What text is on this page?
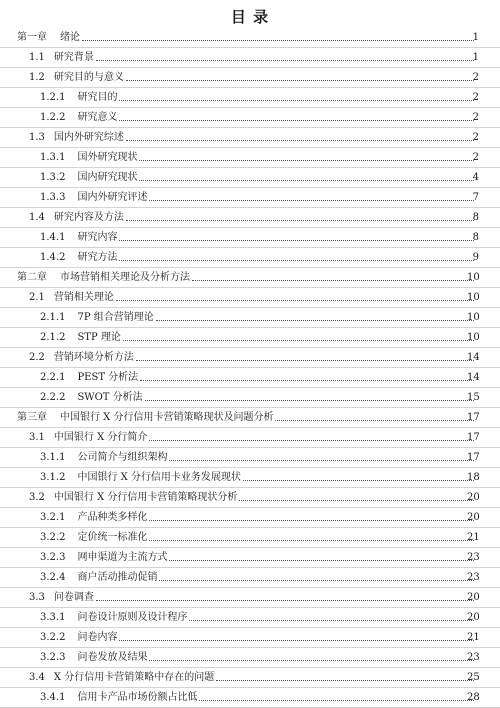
目 录
第一章 绪论	1
1.1 研究背景	1
1.2 研究目的与意义	2
1.2.1 研究目的	2
1.2.2 研究意义	2
1.3 国内外研究综述	2
1.3.1 国外研究现状	2
1.3.2 国内研究现状	4
1.3.3 国内外研究评述	7
1.4 研究内容及方法	8
1.4.1 研究内容	8
1.4.2 研究方法	9
第二章 市场营销相关理论及分析方法	10
2.1 营销相关理论	10
2.1.1 7P 组合营销理论	10
2.1.2 STP 理论	10
2.2 营销环境分析方法	14
2.2.1 PEST 分析法	14
2.2.2 SWOT 分析法	15
第三章 中国银行 X 分行信用卡营销策略现状及问题分析	17
3.1 中国银行 X 分行简介	17
3.1.1 公司简介与组织架构	17
3.1.2 中国银行 X 分行信用卡业务发展现状	18
3.2 中国银行 X 分行信用卡营销策略现状分析	20
3.2.1 产品种类多样化	20
3.2.2 定价统一标准化	21
3.2.3 网申渠道为主流方式	23
3.2.4 商户活动推动促销	23
3.3 问卷调查	20
3.3.1 问卷设计原则及设计程序	20
3.2.2 问卷内容	21
3.2.3 问卷发放及结果	23
3.4 X 分行信用卡营销策略中存在的问题	25
3.4.1 信用卡产品市场份额占比低	28
